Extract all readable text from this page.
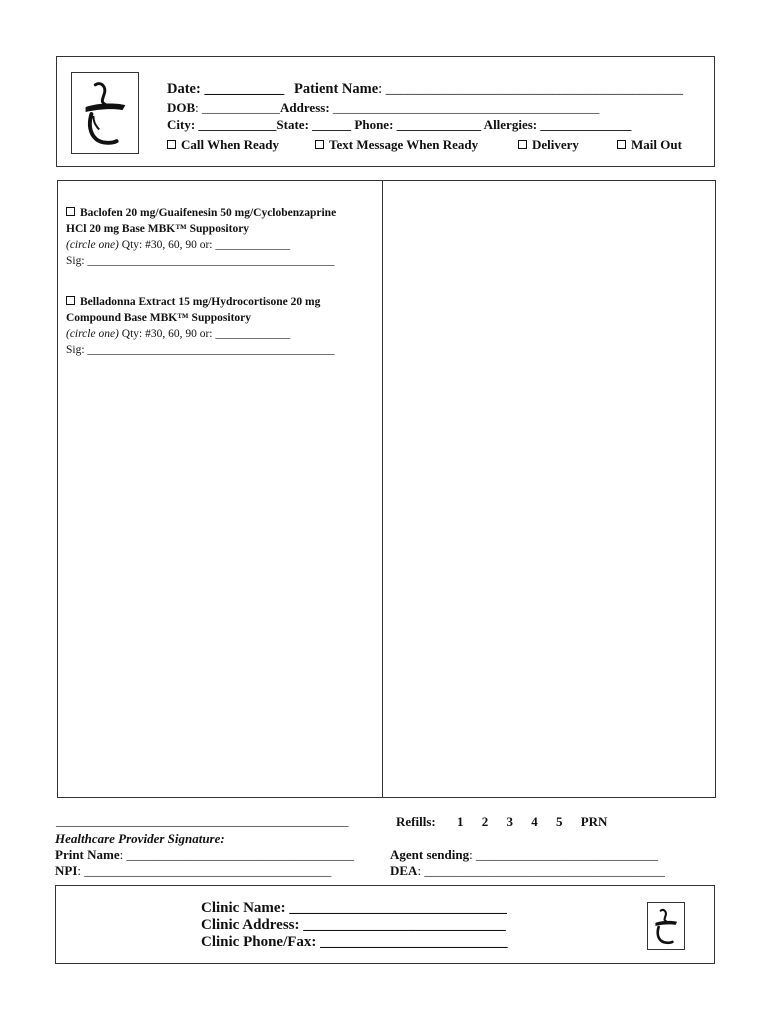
Date: ___________ Patient Name: _________________________________________
DOB: ____________Address: _________________________________________
City: ____________State: ______ Phone: _____________ Allergies: ______________
Call When Ready	Text Message When Ready	Delivery	Mail Out
Baclofen 20 mg/Guaifenesin 50 mg/Cyclobenzaprine
HCl 20 mg Base MBK™ Suppository
(circle one) Qty: #30, 60, 90 or: _____________
Sig: ___________________________________________
Belladonna Extract 15 mg/Hydrocortisone 20 mg
Compound Base MBK™ Suppository
(circle one) Qty: #30, 60, 90 or: _____________
Sig: ___________________________________________
_____________________________________________
Healthcare Provider Signature:
Print Name: ___________________________________
NPI: ______________________________________
Refills: 1 2 3 4 5 PRN
Agent sending: ____________________________
DEA: _____________________________________
Clinic Name: _____________________________
Clinic Address: ___________________________
Clinic Phone/Fax: _________________________
